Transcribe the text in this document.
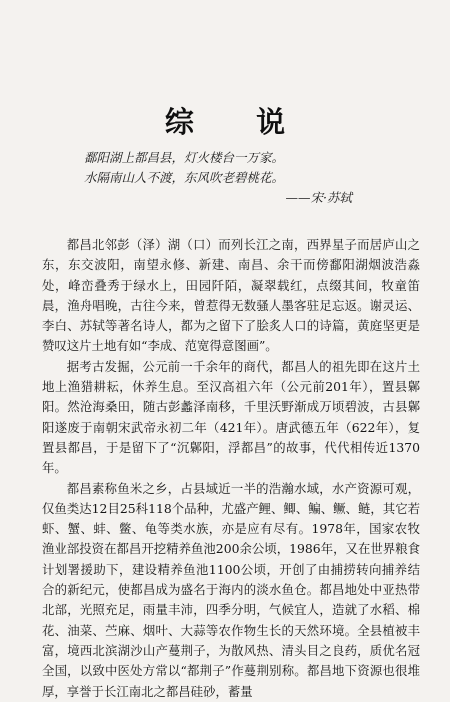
综 说
鄱阳湖上都昌县，灯火楼台一万家。
水隔南山人不渡，东风吹老碧桃花。
——宋·苏轼

都昌北邻彭（泽）湖（口）而列长江之南，西界星子而居庐山之东，东交波阳，南望永修、新建、南昌、余干而傍鄱阳湖烟波浩淼处，峰峦叠秀于绿水上，田园阡陌，凝翠载红，点缀其间，牧童笛晨，渔舟唱晚，古往今来，曾惹得无数骚人墨客驻足忘返。谢灵运、李白、苏轼等著名诗人，都为之留下了脍炙人口的诗篇，黄庭坚更是赞叹这片土地有如“李成、范宽得意图画”。

据考古发掘，公元前一千余年的商代，都昌人的祖先即在这片土地上渔猎耕耘，休养生息。至汉高祖六年（公元前201年），置县鄡阳。然沧海桑田，随古彭蠡泽南移，千里沃野渐成万顷碧波，古县鄡阳遂废于南朝宋武帝永初二年（421年）。唐武德五年（622年），复置县都昌，于是留下了“沉鄡阳，浮都昌”的故事，代代相传近1370年。

都昌素称鱼米之乡，占县域近一半的浩瀚水域，水产资源可观，仅鱼类达12目25科118个品种，尤盛产鲤、鲫、鳊、鳜、鲢，其它若虾、蟹、蚌、鳖、龟等类水族，亦是应有尽有。1978年，国家农牧渔业部投资在都昌开挖精养鱼池200余公顷，1986年，又在世界粮食计划署援助下，建设精养鱼池1100公顷，开创了由捕捞转向捕养结合的新纪元，使都昌成为盛名于海内的淡水鱼仓。都昌地处中亚热带北部，光照充足，雨量丰沛，四季分明，气候宜人，造就了水稻、棉花、油菜、苎麻、烟叶、大蒜等农作物生长的天然环境。全县植被丰富，境西北滨湖沙山产蔓荆子，为散风热、清头目之良药，质优名冠全国，以致中医处方常以“都荆子”作蔓荆别称。都昌地下资源也很堆厚，享誉于长江南北之都昌硅砂，蓄量
